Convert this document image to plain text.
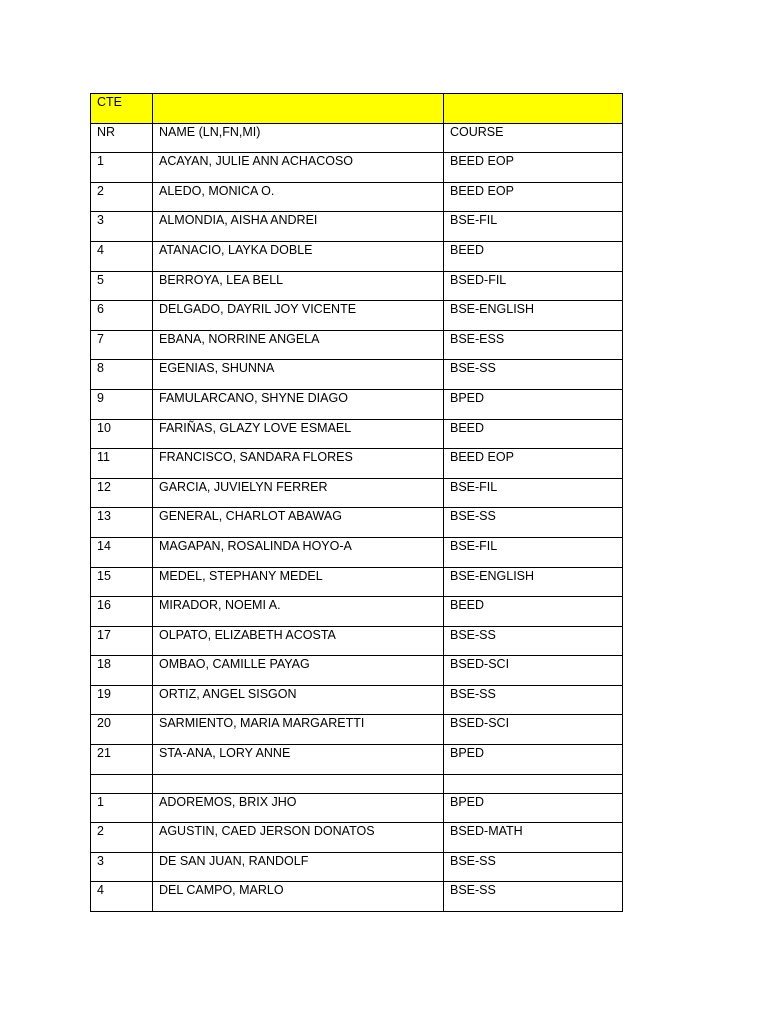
CTE		
NR	NAME (LN,FN,MI)	COURSE
1	ACAYAN, JULIE ANN ACHACOSO	BEED EOP
2	ALEDO, MONICA O.	BEED EOP
3	ALMONDIA, AISHA ANDREI	BSE-FIL
4	ATANACIO, LAYKA DOBLE	BEED
5	BERROYA, LEA BELL	BSED-FIL
6	DELGADO, DAYRIL JOY VICENTE	BSE-ENGLISH
7	EBANA, NORRINE ANGELA	BSE-ESS
8	EGENIAS, SHUNNA	BSE-SS
9	FAMULARCANO, SHYNE DIAGO	BPED
10	FARIÑAS, GLAZY LOVE ESMAEL	BEED
11	FRANCISCO, SANDARA FLORES	BEED EOP
12	GARCIA, JUVIELYN FERRER	BSE-FIL
13	GENERAL, CHARLOT ABAWAG	BSE-SS
14	MAGAPAN, ROSALINDA HOYO-A	BSE-FIL
15	MEDEL, STEPHANY MEDEL	BSE-ENGLISH
16	MIRADOR, NOEMI A.	BEED
17	OLPATO, ELIZABETH ACOSTA	BSE-SS
18	OMBAO, CAMILLE PAYAG	BSED-SCI
19	ORTIZ, ANGEL SISGON	BSE-SS
20	SARMIENTO, MARIA MARGARETTI	BSED-SCI
21	STA-ANA, LORY ANNE	BPED

1	ADOREMOS, BRIX JHO	BPED
2	AGUSTIN, CAED JERSON DONATOS	BSED-MATH
3	DE SAN JUAN, RANDOLF	BSE-SS
4	DEL CAMPO, MARLO	BSE-SS
